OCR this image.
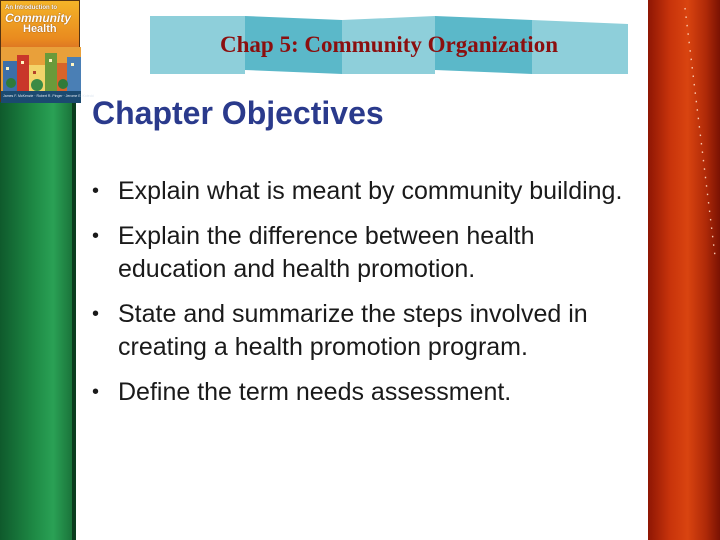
An Introduction to
Community
Health
James F. McKenzie · Robert R. Pinger · Jerome E. Kotecki
Chap 5: Community Organization
Chapter Objectives
• Explain what is meant by community building.
• Explain the difference between health education and health promotion.
• State and summarize the steps involved in creating a health promotion program.
• Define the term needs assessment.
